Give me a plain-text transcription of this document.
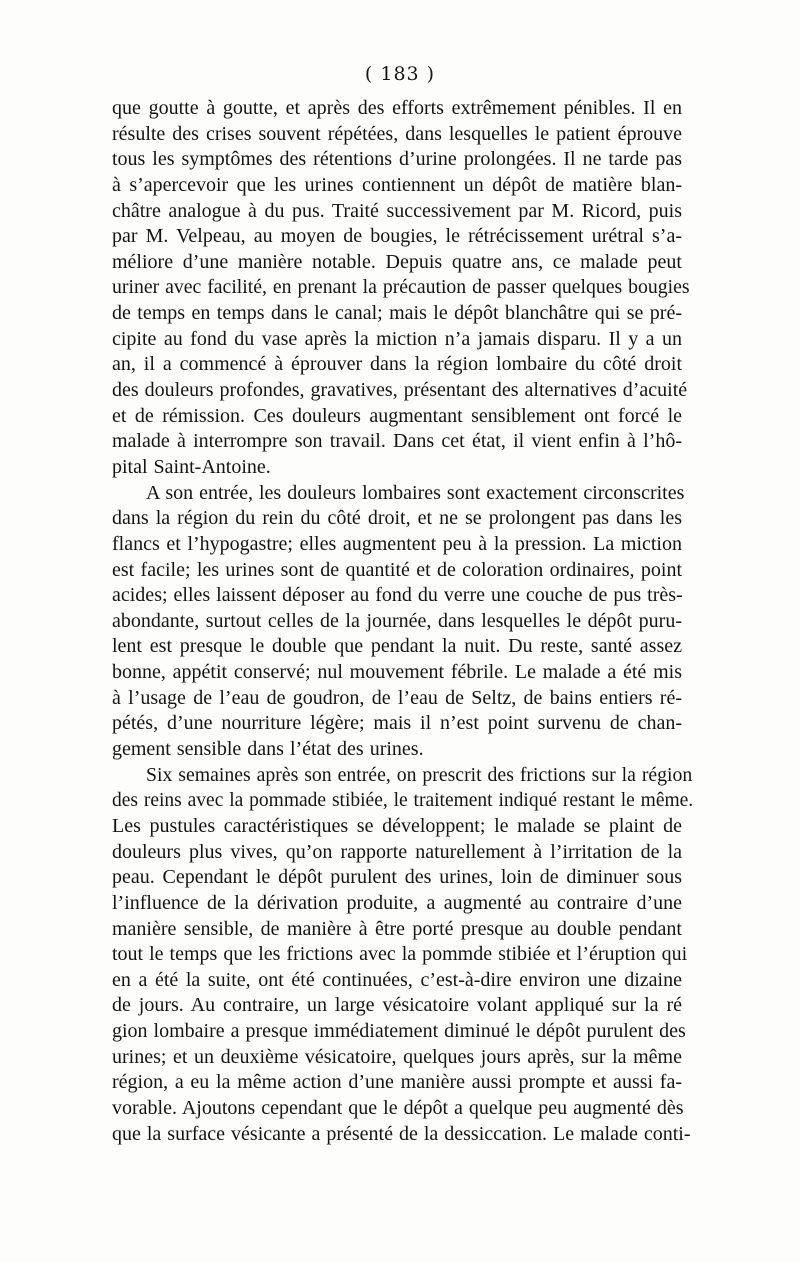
( 183 )
que goutte à goutte, et après des efforts extrêmement pénibles. Il en
résulte des crises souvent répétées, dans lesquelles le patient éprouve
tous les symptômes des rétentions d’urine prolongées. Il ne tarde pas
à s’apercevoir que les urines contiennent un dépôt de matière blan-
châtre analogue à du pus. Traité successivement par M. Ricord, puis
par M. Velpeau, au moyen de bougies, le rétrécissement urétral s’a-
méliore d’une manière notable. Depuis quatre ans, ce malade peut
uriner avec facilité, en prenant la précaution de passer quelques bougies
de temps en temps dans le canal; mais le dépôt blanchâtre qui se pré-
cipite au fond du vase après la miction n’a jamais disparu. Il y a un
an, il a commencé à éprouver dans la région lombaire du côté droit
des douleurs profondes, gravatives, présentant des alternatives d’acuité
et de rémission. Ces douleurs augmentant sensiblement ont forcé le
malade à interrompre son travail. Dans cet état, il vient enfin à l’hô-
pital Saint-Antoine.
A son entrée, les douleurs lombaires sont exactement circonscrites
dans la région du rein du côté droit, et ne se prolongent pas dans les
flancs et l’hypogastre; elles augmentent peu à la pression. La miction
est facile; les urines sont de quantité et de coloration ordinaires, point
acides; elles laissent déposer au fond du verre une couche de pus très-
abondante, surtout celles de la journée, dans lesquelles le dépôt puru-
lent est presque le double que pendant la nuit. Du reste, santé assez
bonne, appétit conservé; nul mouvement fébrile. Le malade a été mis
à l’usage de l’eau de goudron, de l’eau de Seltz, de bains entiers ré-
pétés, d’une nourriture légère; mais il n’est point survenu de chan-
gement sensible dans l’état des urines.
Six semaines après son entrée, on prescrit des frictions sur la région
des reins avec la pommade stibiée, le traitement indiqué restant le même.
Les pustules caractéristiques se développent; le malade se plaint de
douleurs plus vives, qu’on rapporte naturellement à l’irritation de la
peau. Cependant le dépôt purulent des urines, loin de diminuer sous
l’influence de la dérivation produite, a augmenté au contraire d’une
manière sensible, de manière à être porté presque au double pendant
tout le temps que les frictions avec la pommde stibiée et l’éruption qui
en a été la suite, ont été continuées, c’est-à-dire environ une dizaine
de jours. Au contraire, un large vésicatoire volant appliqué sur la ré
gion lombaire a presque immédiatement diminué le dépôt purulent des
urines; et un deuxième vésicatoire, quelques jours après, sur la même
région, a eu la même action d’une manière aussi prompte et aussi fa-
vorable. Ajoutons cependant que le dépôt a quelque peu augmenté dès
que la surface vésicante a présenté de la dessiccation. Le malade conti-
